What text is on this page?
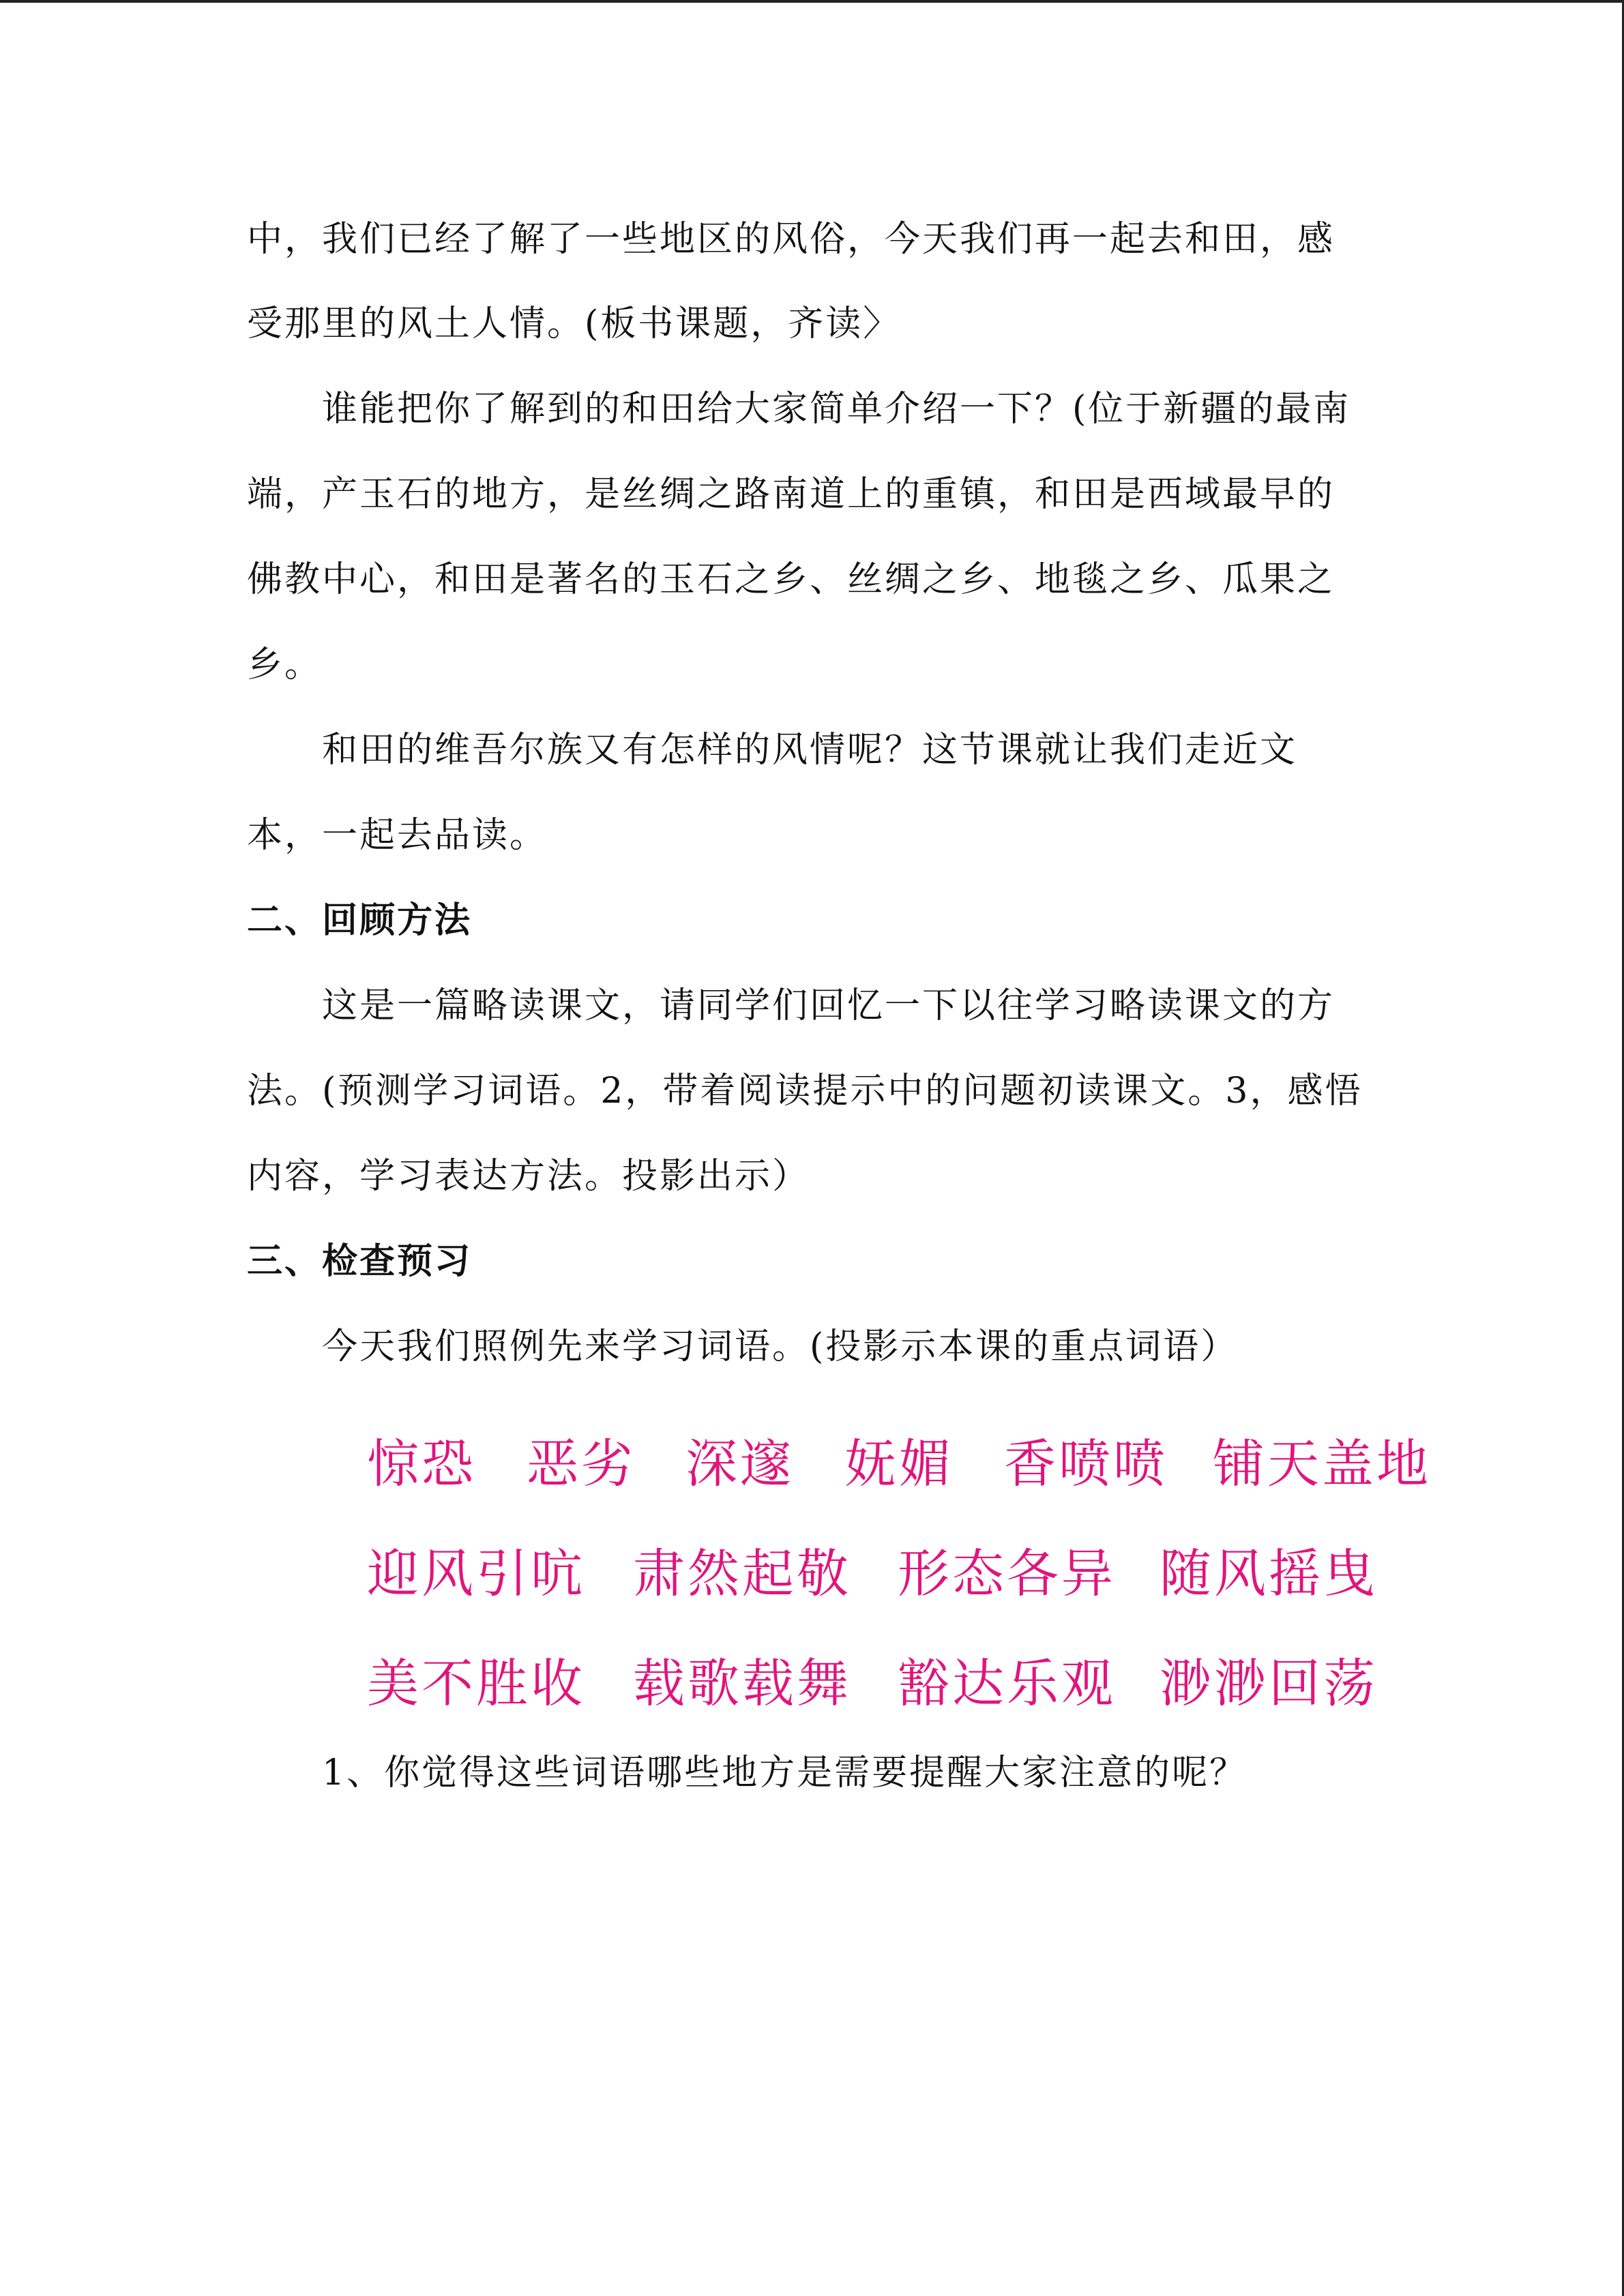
中，我们已经了解了一些地区的风俗，今天我们再一起去和田，感
受那里的风土人情。(板书课题，齐读〉
谁能把你了解到的和田给大家简单介绍一下？(位于新疆的最南
端，产玉石的地方，是丝绸之路南道上的重镇，和田是西域最早的
佛教中心，和田是著名的玉石之乡、丝绸之乡、地毯之乡、瓜果之
乡。
和田的维吾尔族又有怎样的风情呢？这节课就让我们走近文
本，一起去品读。
二、回顾方法
这是一篇略读课文，请同学们回忆一下以往学习略读课文的方
法。(预测学习词语。2，带着阅读提示中的问题初读课文。3，感悟
内容，学习表达方法。投影出示）
三、检查预习
今天我们照例先来学习词语。(投影示本课的重点词语）
惊恐 恶劣 深邃 妩媚 香喷喷 铺天盖地
迎风引吭 肃然起敬 形态各异 随风摇曳
美不胜收 载歌载舞 豁达乐观 渺渺回荡
1、你觉得这些词语哪些地方是需要提醒大家注意的呢？
